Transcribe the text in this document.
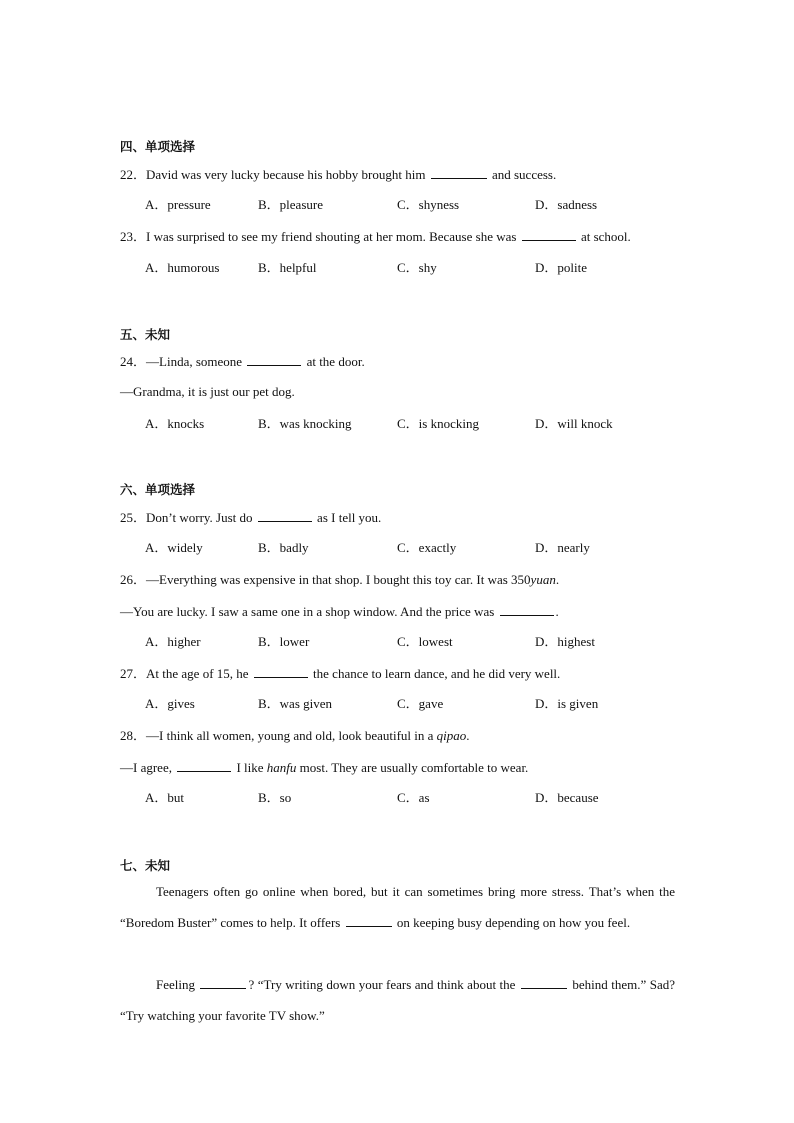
四、单项选择
22．David was very lucky because his hobby brought him	and success.
A．pressure	B．pleasure	C．shyness	D．sadness
23．I was surprised to see my friend shouting at her mom. Because she was	at school.
A．humorous	B．helpful	C．shy	D．polite
五、未知
24．—Linda, someone	at the door.
—Grandma, it is just our pet dog.
A．knocks	B．was knocking	C．is knocking	D．will knock
六、单项选择
25．Don’t worry. Just do	as I tell you.
A．widely	B．badly	C．exactly	D．nearly
26．—Everything was expensive in that shop. I bought this toy car. It was 350yuan.
—You are lucky. I saw a same one in a shop window. And the price was	.
A．higher	B．lower	C．lowest	D．highest
27．At the age of 15, he	the chance to learn dance, and he did very well.
A．gives	B．was given	C．gave	D．is given
28．—I think all women, young and old, look beautiful in a qipao.
—I agree,	I like hanfu most. They are usually comfortable to wear.
A．but	B．so	C．as	D．because
七、未知
Teenagers often go online when bored, but it can sometimes bring more stress. That’s when the “Boredom Buster” comes to help. It offers	on keeping busy depending on how you feel.
Feeling	? “Try writing down your fears and think about the	behind them.” Sad? “Try watching your favorite TV show.”
